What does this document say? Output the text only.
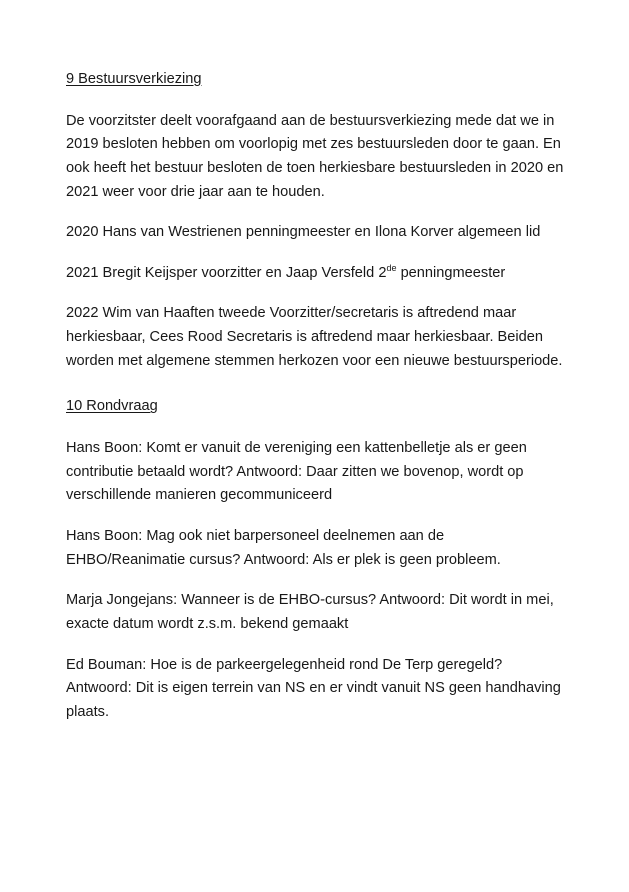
9 Bestuursverkiezing

De voorzitster deelt voorafgaand aan de bestuursverkiezing mede dat we in 2019 besloten hebben om voorlopig met zes bestuursleden door te gaan. En ook heeft het bestuur besloten de toen herkiesbare bestuursleden in 2020 en 2021 weer voor drie jaar aan te houden.

2020 Hans van Westrienen penningmeester en Ilona Korver algemeen lid

2021 Bregit Keijsper voorzitter en Jaap Versfeld 2de penningmeester

2022 Wim van Haaften tweede Voorzitter/secretaris is aftredend maar herkiesbaar, Cees Rood Secretaris is aftredend maar herkiesbaar. Beiden worden met algemene stemmen herkozen voor een nieuwe bestuursperiode.

10 Rondvraag

Hans Boon: Komt er vanuit de vereniging een kattenbelletje als er geen contributie betaald wordt? Antwoord: Daar zitten we bovenop, wordt op verschillende manieren gecommuniceerd

Hans Boon: Mag ook niet barpersoneel deelnemen aan de EHBO/Reanimatie cursus? Antwoord: Als er plek is geen probleem.

Marja Jongejans: Wanneer is de EHBO-cursus? Antwoord: Dit wordt in mei, exacte datum wordt z.s.m. bekend gemaakt

Ed Bouman: Hoe is de parkeergelegenheid rond De Terp geregeld? Antwoord: Dit is eigen terrein van NS en er vindt vanuit NS geen handhaving plaats.
